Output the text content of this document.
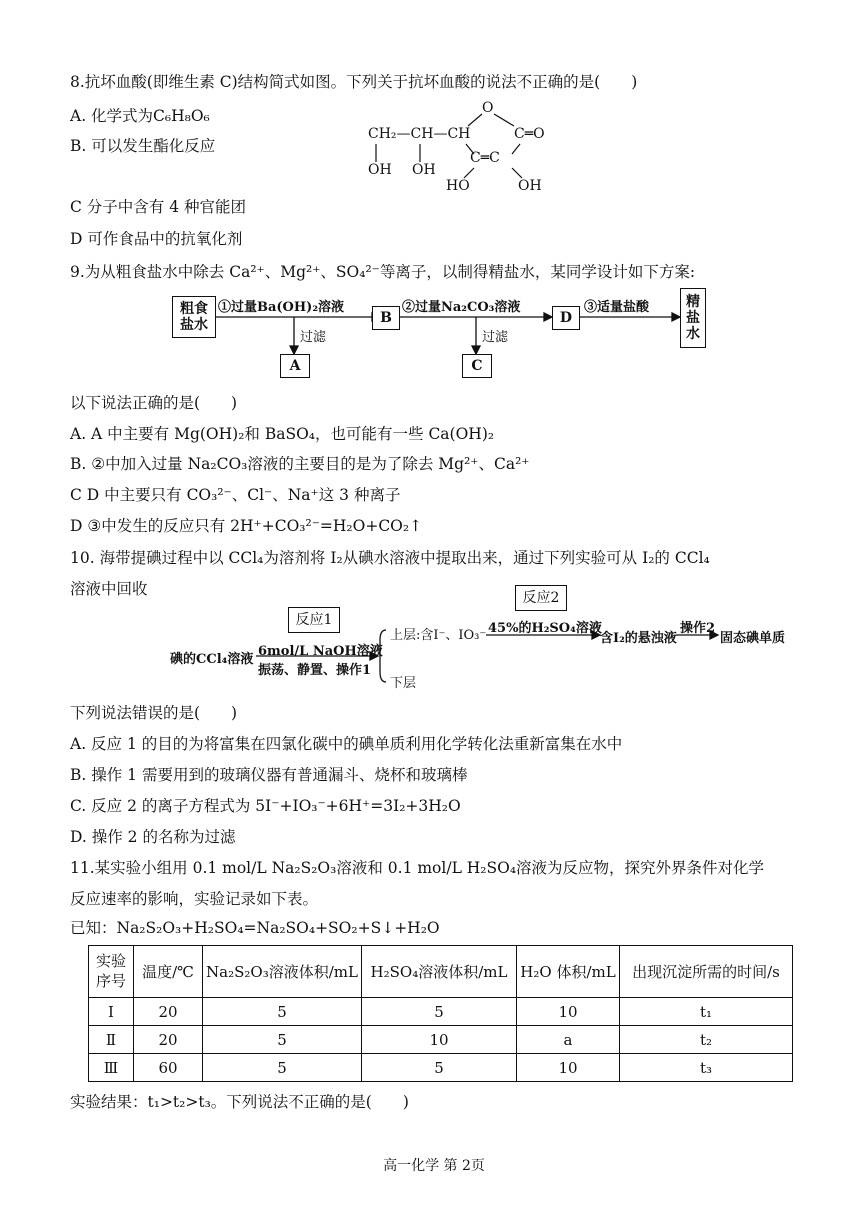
8.抗坏血酸(即维生素 C)结构简式如图。下列关于抗坏血酸的说法不正确的是(　　)
A. 化学式为C₆H₈O₆
B. 可以发生酯化反应
C 分子中含有 4 种官能团
D 可作食品中的抗氧化剂
O
CH₂—CH—CH	C═O
C═C
OH OH
HO	OH
9.为从粗食盐水中除去 Ca²⁺、Mg²⁺、SO₄²⁻等离子，以制得精盐水，某同学设计如下方案:
粗食
盐水
①过量Ba(OH)₂溶液
过滤
A
B
②过量Na₂CO₃溶液
过滤
C
D
③适量盐酸	精
盐
水
以下说法正确的是(　　)
A. A 中主要有 Mg(OH)₂和 BaSO₄，也可能有一些 Ca(OH)₂
B. ②中加入过量 Na₂CO₃溶液的主要目的是为了除去 Mg²⁺、Ca²⁺
C D 中主要只有 CO₃²⁻、Cl⁻、Na⁺这 3 种离子
D ③中发生的反应只有 2H⁺+CO₃²⁻=H₂O+CO₂↑
10. 海带提碘过程中以 CCl₄为溶剂将 I₂从碘水溶液中提取出来，通过下列实验可从 I₂的 CCl₄
溶液中回收
反应1
反应2
碘的CCl₄溶液
6mol/L NaOH溶液
振荡、静置、操作1
上层:含I⁻、IO₃⁻
下层
45%的H₂SO₄溶液
含I₂的悬浊液
操作2
固态碘单质
下列说法错误的是(　　)
A. 反应 1 的目的为将富集在四氯化碳中的碘单质利用化学转化法重新富集在水中
B. 操作 1 需要用到的玻璃仪器有普通漏斗、烧杯和玻璃棒
C. 反应 2 的离子方程式为 5I⁻+IO₃⁻+6H⁺=3I₂+3H₂O
D. 操作 2 的名称为过滤
11.某实验小组用 0.1 mol/L Na₂S₂O₃溶液和 0.1 mol/L H₂SO₄溶液为反应物，探究外界条件对化学
反应速率的影响，实验记录如下表。
已知：Na₂S₂O₃+H₂SO₄=Na₂SO₄+SO₂+S↓+H₂O
实验
序号	温度/℃	Na₂S₂O₃溶液体积/mL	H₂SO₄溶液体积/mL	H₂O 体积/mL	出现沉淀所需的时间/s
Ⅰ	20	5	5	10	t₁
Ⅱ	20	5	10	a	t₂
Ⅲ	60	5	5	10	t₃
实验结果：t₁>t₂>t₃。下列说法不正确的是(　　)
高一化学 第 2页
